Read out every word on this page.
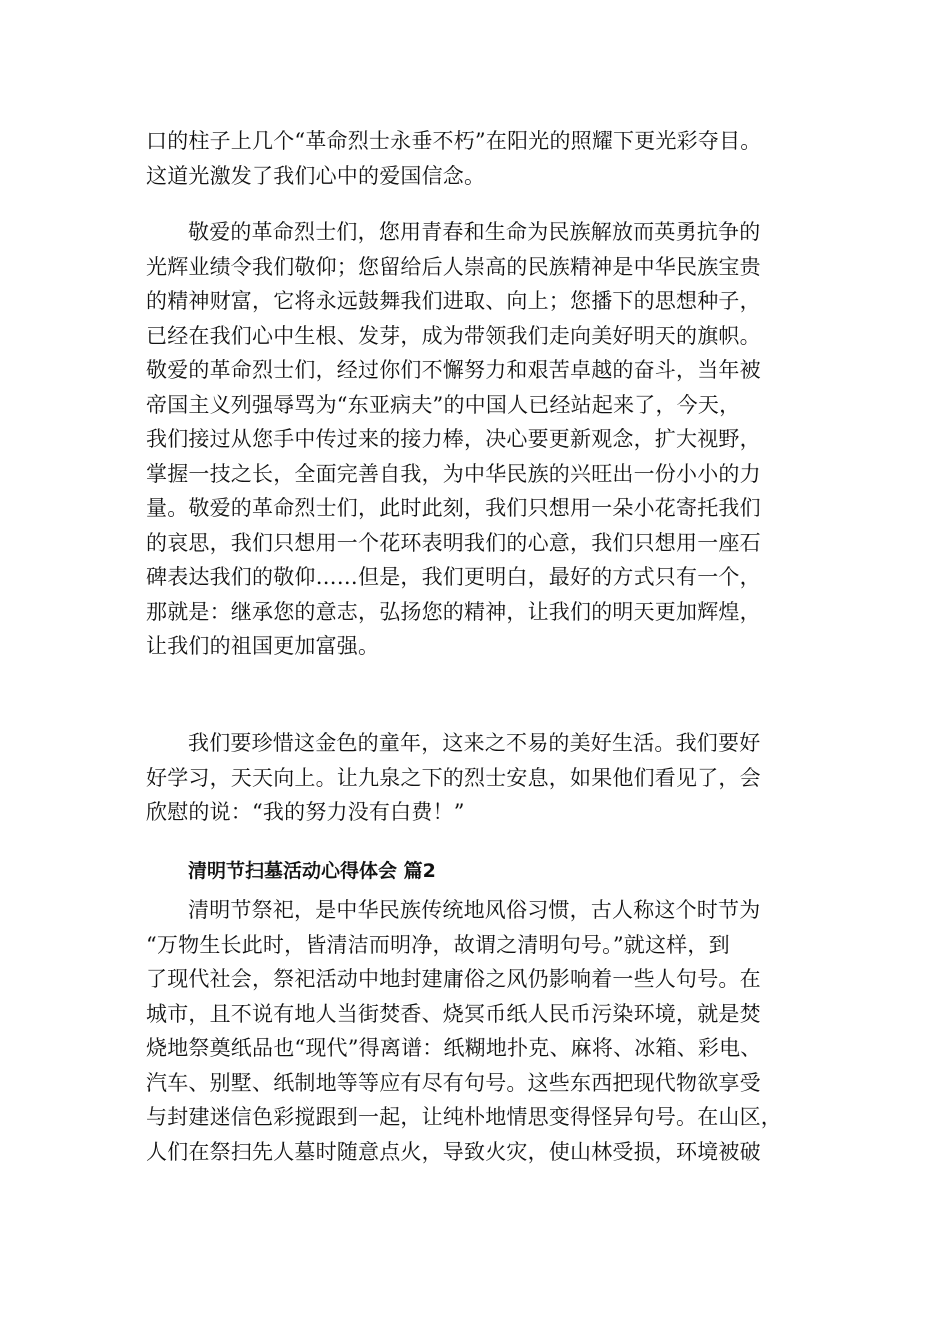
口的柱子上几个“革命烈士永垂不朽”在阳光的照耀下更光彩夺目。
这道光激发了我们心中的爱国信念。
敬爱的革命烈士们，您用青春和生命为民族解放而英勇抗争的
光辉业绩令我们敬仰；您留给后人崇高的民族精神是中华民族宝贵
的精神财富，它将永远鼓舞我们进取、向上；您播下的思想种子，
已经在我们心中生根、发芽，成为带领我们走向美好明天的旗帜。
敬爱的革命烈士们，经过你们不懈努力和艰苦卓越的奋斗，当年被
帝国主义列强辱骂为“东亚病夫”的中国人已经站起来了，今天，
我们接过从您手中传过来的接力棒，决心要更新观念，扩大视野，
掌握一技之长，全面完善自我，为中华民族的兴旺出一份小小的力
量。敬爱的革命烈士们，此时此刻，我们只想用一朵小花寄托我们
的哀思，我们只想用一个花环表明我们的心意，我们只想用一座石
碑表达我们的敬仰……但是，我们更明白，最好的方式只有一个，
那就是：继承您的意志，弘扬您的精神，让我们的明天更加辉煌，
让我们的祖国更加富强。
我们要珍惜这金色的童年，这来之不易的美好生活。我们要好
好学习，天天向上。让九泉之下的烈士安息，如果他们看见了，会
欣慰的说：“我的努力没有白费！”
清明节扫墓活动心得体会 篇2
清明节祭祀，是中华民族传统地风俗习惯，古人称这个时节为
“万物生长此时，皆清洁而明净，故谓之清明句号。”就这样，到
了现代社会，祭祀活动中地封建庸俗之风仍影响着一些人句号。在
城市，且不说有地人当街焚香、烧冥币纸人民币污染环境，就是焚
烧地祭奠纸品也“现代”得离谱：纸糊地扑克、麻将、冰箱、彩电、
汽车、别墅、纸制地等等应有尽有句号。这些东西把现代物欲享受
与封建迷信色彩搅跟到一起，让纯朴地情思变得怪异句号。在山区，
人们在祭扫先人墓时随意点火，导致火灾，使山林受损，环境被破
